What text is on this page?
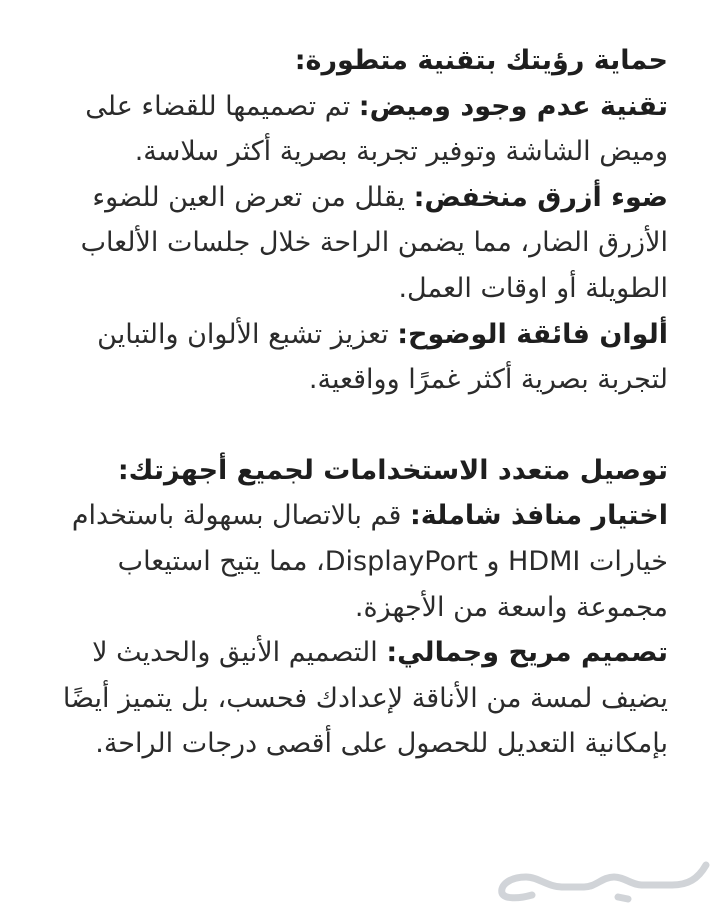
حماية رؤيتك بتقنية متطورة:

تقنية عدم وجود وميض: تم تصميمها للقضاء على وميض الشاشة وتوفير تجربة بصرية أكثر سلاسة.

ضوء أزرق منخفض: يقلل من تعرض العين للضوء الأزرق الضار، مما يضمن الراحة خلال جلسات الألعاب الطويلة أو اوقات العمل.

ألوان فائقة الوضوح: تعزيز تشبع الألوان والتباين لتجربة بصرية أكثر غمرًا وواقعية.

توصيل متعدد الاستخدامات لجميع أجهزتك:

اختيار منافذ شاملة: قم بالاتصال بسهولة باستخدام خيارات HDMI و DisplayPort، مما يتيح استيعاب مجموعة واسعة من الأجهزة.

تصميم مريح وجمالي: التصميم الأنيق والحديث لا يضيف لمسة من الأناقة لإعدادك فحسب، بل يتميز أيضًا بإمكانية التعديل للحصول على أقصى درجات الراحة.
